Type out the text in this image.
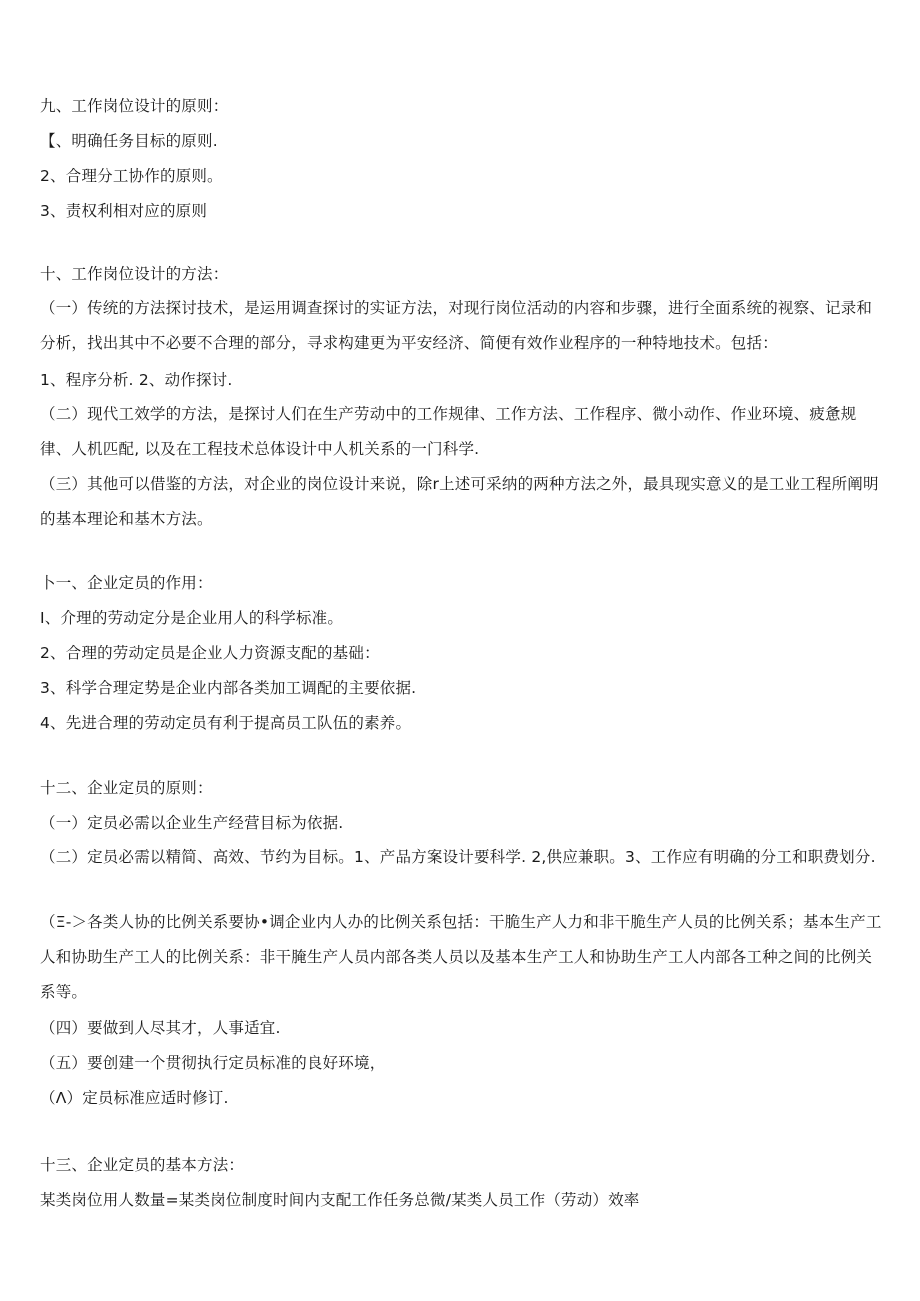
九、工作岗位设计的原则：
【、明确任务目标的原则.
2、合理分工协作的原则。
3、责权利相对应的原则
十、工作岗位设计的方法：
（一）传统的方法探讨技术，是运用调查探讨的实证方法，对现行岗位活动的内容和步骤，进行全面系统的视察、记录和分析，找出其中不必要不合理的部分，寻求构建更为平安经济、简便有效作业程序的一种特地技术。包括：
1、程序分析. 2、动作探讨.
（二）现代工效学的方法，是探讨人们在生产劳动中的工作规律、工作方法、工作程序、微小动作、作业环境、疲惫规律、人机匹配, 以及在工程技术总体设计中人机关系的一门科学.
（三）其他可以借鉴的方法，对企业的岗位设计来说，除r上述可采纳的两种方法之外，最具现实意义的是工业工程所阐明的基本理论和基木方法。
卜一、企业定员的作用：
I、介理的劳动定分是企业用人的科学标准。
2、合理的劳动定员是企业人力资源支配的基础：
3、科学合理定势是企业内部各类加工调配的主要依据.
4、先进合理的劳动定员有利于提高员工队伍的素养。
十二、企业定员的原则：
（一）定员必需以企业生产经营目标为依据.
（二）定员必需以精简、高效、节约为目标。1、产品方案设计要科学. 2,供应兼职。3、工作应有明确的分工和职费划分.
（Ξ-＞各类人协的比例关系要协•调企业内人办的比例关系包括：干脆生产人力和非干脆生产人员的比例关系；基本生产工人和协助生产工人的比例关系：非干腌生产人员内部各类人员以及基本生产工人和协助生产工人内部各工种之间的比例关系等。
（四）要做到人尽其才，人事适宜.
（五）要创建一个贯彻执行定员标准的良好环境，
（Λ）定员标准应适时修订.
十三、企业定员的基本方法：
某类岗位用人数量=某类岗位制度时间内支配工作任务总微/某类人员工作（劳动）效率
